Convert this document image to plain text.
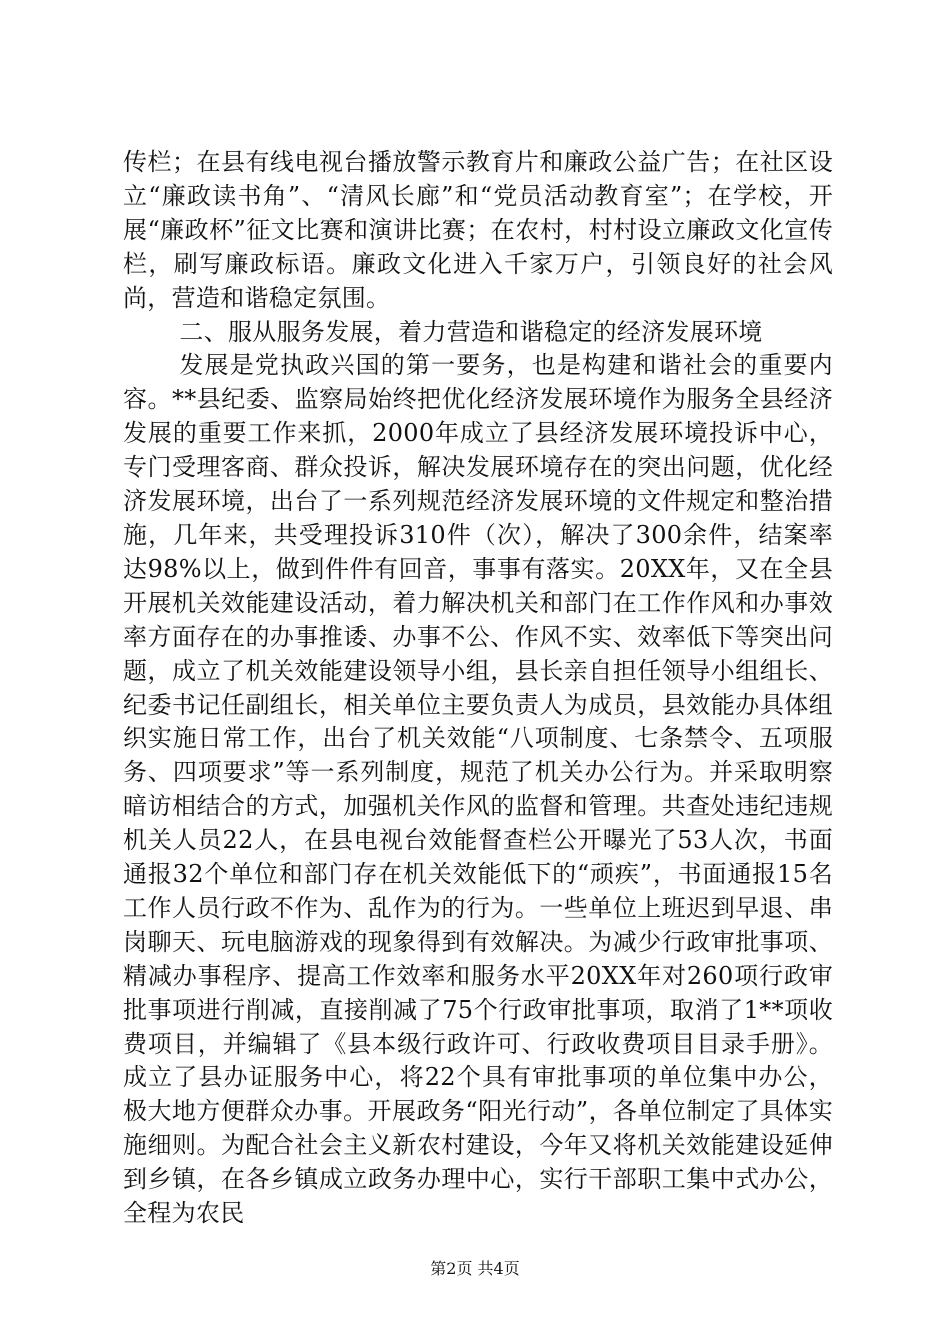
传栏；在县有线电视台播放警示教育片和廉政公益广告；在社区设立“廉政读书角”、“清风长廊”和“党员活动教育室”；在学校，开展“廉政杯”征文比赛和演讲比赛；在农村，村村设立廉政文化宣传栏，刷写廉政标语。廉政文化进入千家万户，引领良好的社会风尚，营造和谐稳定氛围。

二、服从服务发展，着力营造和谐稳定的经济发展环境

发展是党执政兴国的第一要务，也是构建和谐社会的重要内容。**县纪委、监察局始终把优化经济发展环境作为服务全县经济发展的重要工作来抓，2000年成立了县经济发展环境投诉中心，专门受理客商、群众投诉，解决发展环境存在的突出问题，优化经济发展环境，出台了一系列规范经济发展环境的文件规定和整治措施，几年来，共受理投诉310件（次），解决了300余件，结案率达98%以上，做到件件有回音，事事有落实。20XX年，又在全县开展机关效能建设活动，着力解决机关和部门在工作作风和办事效率方面存在的办事推诿、办事不公、作风不实、效率低下等突出问题，成立了机关效能建设领导小组，县长亲自担任领导小组组长、纪委书记任副组长，相关单位主要负责人为成员，县效能办具体组织实施日常工作，出台了机关效能“八项制度、七条禁令、五项服务、四项要求”等一系列制度，规范了机关办公行为。并采取明察暗访相结合的方式，加强机关作风的监督和管理。共查处违纪违规机关人员22人，在县电视台效能督查栏公开曝光了53人次，书面通报32个单位和部门存在机关效能低下的“顽疾”，书面通报15名工作人员行政不作为、乱作为的行为。一些单位上班迟到早退、串岗聊天、玩电脑游戏的现象得到有效解决。为减少行政审批事项、精减办事程序、提高工作效率和服务水平20XX年对260项行政审批事项进行削减，直接削减了75个行政审批事项，取消了1**项收费项目，并编辑了《县本级行政许可、行政收费项目目录手册》。成立了县办证服务中心，将22个具有审批事项的单位集中办公，极大地方便群众办事。开展政务“阳光行动”，各单位制定了具体实施细则。为配合社会主义新农村建设，今年又将机关效能建设延伸到乡镇，在各乡镇成立政务办理中心，实行干部职工集中式办公，全程为农民

第2页 共4页
